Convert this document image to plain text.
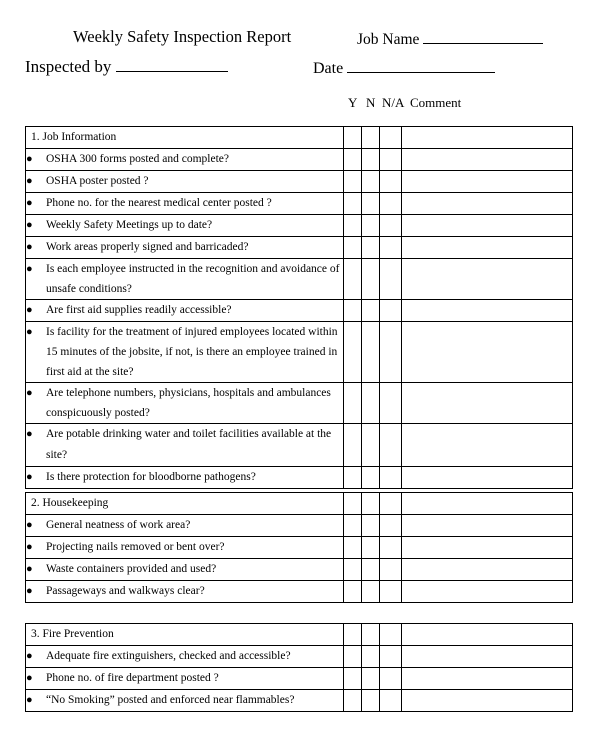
Weekly Safety Inspection Report	Job Name
Inspected by	Date
Y N N/A Comment
1. Job Information				

● OSHA 300 forms posted and complete?				

● OSHA poster posted ?				

● Phone no. for the nearest medical center posted ?				

● Weekly Safety Meetings up to date?				

● Work areas properly signed and barricaded?				

● Is each employee instructed in the recognition and avoidance of unsafe conditions?				

● Are first aid supplies readily accessible?				

● Is facility for the treatment of injured employees located within 15 minutes of the jobsite, if not, is there an employee trained in first aid at the site?				

● Are telephone numbers, physicians, hospitals and ambulances conspicuously posted?				

● Are potable drinking water and toilet facilities available at the site?				

● Is there protection for bloodborne pathogens?				

2. Housekeeping				

● General neatness of work area?				

● Projecting nails removed or bent over?				

● Waste containers provided and used?				

● Passageways and walkways clear?				

3. Fire Prevention				

● Adequate fire extinguishers, checked and accessible?				

● Phone no. of fire department posted ?				

● “No Smoking” posted and enforced near flammables?				
